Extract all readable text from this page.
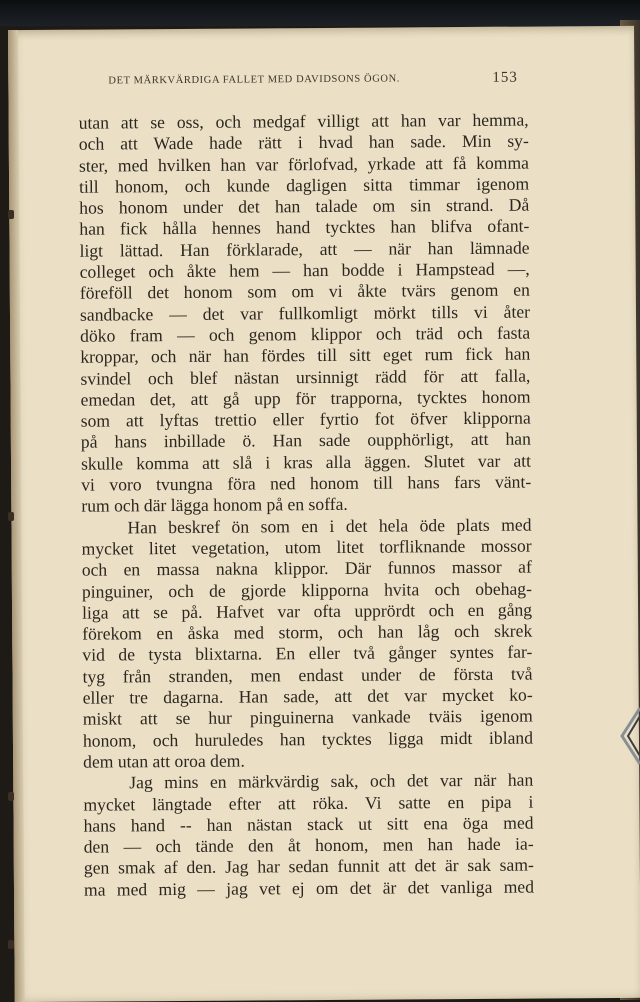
DET MÄRKVÄRDIGA FALLET MED DAVIDSONS ÖGON.	153
utan att se oss, och medgaf villigt att han var hemma,
och att Wade hade rätt i hvad han sade. Min sy-
ster, med hvilken han var förlofvad, yrkade att få komma
till honom, och kunde dagligen sitta timmar igenom
hos honom under det han talade om sin strand. Då
han fick hålla hennes hand tycktes han blifva ofant-
ligt lättad. Han förklarade, att — när han lämnade
colleget och åkte hem — han bodde i Hampstead —,
föreföll det honom som om vi åkte tvärs genom en
sandbacke — det var fullkomligt mörkt tills vi åter
döko fram — och genom klippor och träd och fasta
kroppar, och när han fördes till sitt eget rum fick han
svindel och blef nästan ursinnigt rädd för att falla,
emedan det, att gå upp för trapporna, tycktes honom
som att lyftas trettio eller fyrtio fot öfver klipporna
på hans inbillade ö. Han sade oupphörligt, att han
skulle komma att slå i kras alla äggen. Slutet var att
vi voro tvungna föra ned honom till hans fars vänt-
rum och där lägga honom på en soffa.
Han beskref ön som en i det hela öde plats med
mycket litet vegetation, utom litet torfliknande mossor
och en massa nakna klippor. Där funnos massor af
pinguiner, och de gjorde klipporna hvita och obehag-
liga att se på. Hafvet var ofta upprördt och en gång
förekom en åska med storm, och han låg och skrek
vid de tysta blixtarna. En eller två gånger syntes far-
tyg från stranden, men endast under de första två
eller tre dagarna. Han sade, att det var mycket ko-
miskt att se hur pinguinerna vankade tväis igenom
honom, och huruledes han tycktes ligga midt ibland
dem utan att oroa dem.
Jag mins en märkvärdig sak, och det var när han
mycket längtade efter att röka. Vi satte en pipa i
hans hand -- han nästan stack ut sitt ena öga med
den — och tände den åt honom, men han hade ia-
gen smak af den. Jag har sedan funnit att det är sak sam-
ma med mig — jag vet ej om det är det vanliga med
